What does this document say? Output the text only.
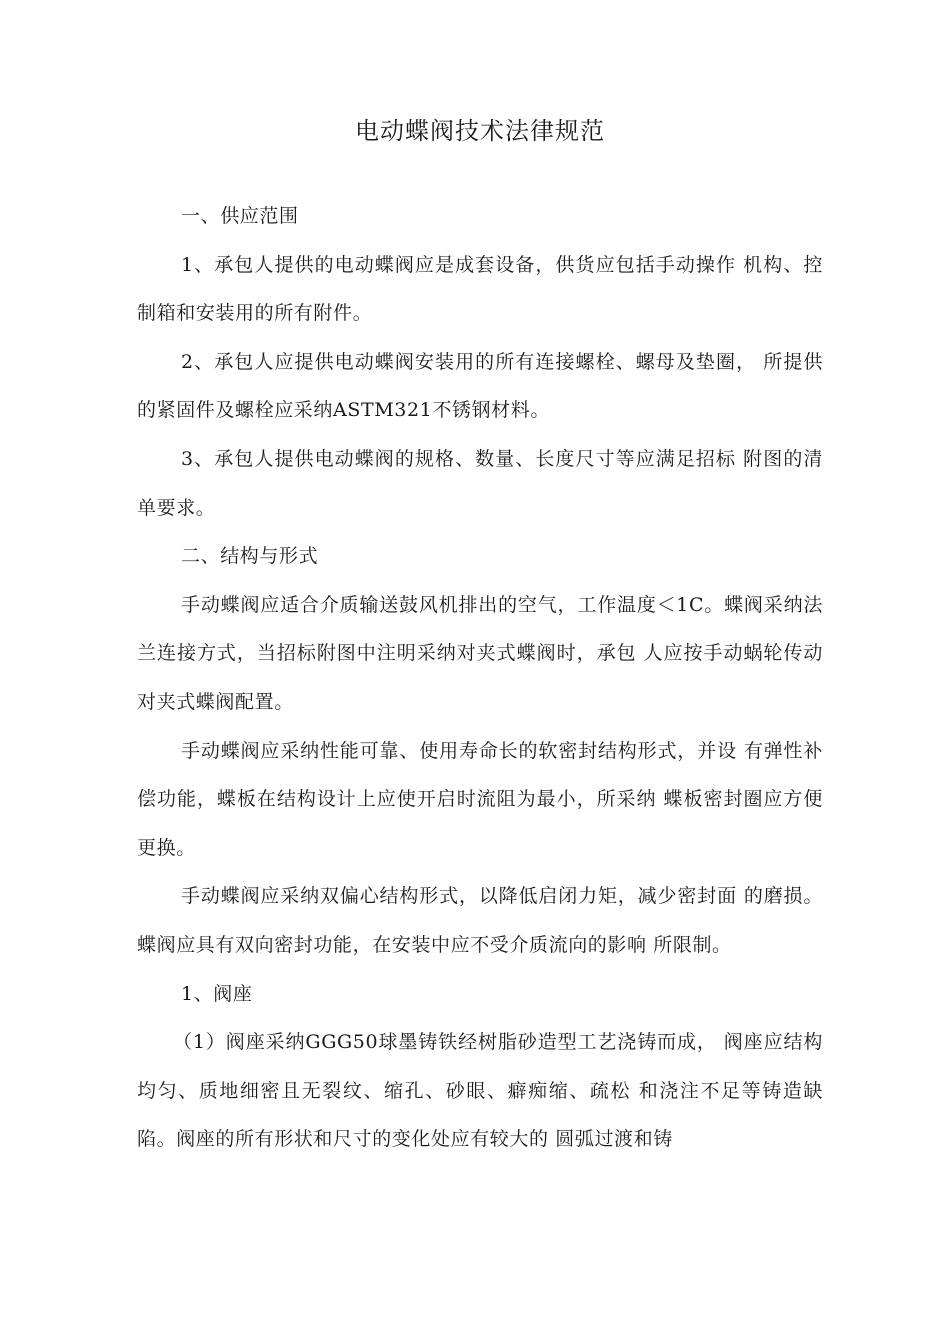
电动蝶阀技术法律规范

一、供应范围

1、承包人提供的电动蝶阀应是成套设备，供货应包括手动操作 机构、控制箱和安装用的所有附件。

2、承包人应提供电动蝶阀安装用的所有连接螺栓、螺母及垫圈， 所提供的紧固件及螺栓应采纳ASTM321不锈钢材料。

3、承包人提供电动蝶阀的规格、数量、长度尺寸等应满足招标 附图的清单要求。

二、结构与形式

手动蝶阀应适合介质输送鼓风机排出的空气，工作温度＜1C。蝶阀采纳法兰连接方式，当招标附图中注明采纳对夹式蝶阀时，承包 人应按手动蜗轮传动对夹式蝶阀配置。

手动蝶阀应采纳性能可靠、使用寿命长的软密封结构形式，并设 有弹性补偿功能，蝶板在结构设计上应使开启时流阻为最小，所采纳 蝶板密封圈应方便更换。

手动蝶阀应采纳双偏心结构形式，以降低启闭力矩，减少密封面 的磨损。蝶阀应具有双向密封功能，在安装中应不受介质流向的影响 所限制。

1、阀座

（1）阀座采纳GGG50球墨铸铁经树脂砂造型工艺浇铸而成， 阀座应结构均匀、质地细密且无裂纹、缩孔、砂眼、癖痴缩、疏松 和浇注不足等铸造缺陷。阀座的所有形状和尺寸的变化处应有较大的 圆弧过渡和铸
